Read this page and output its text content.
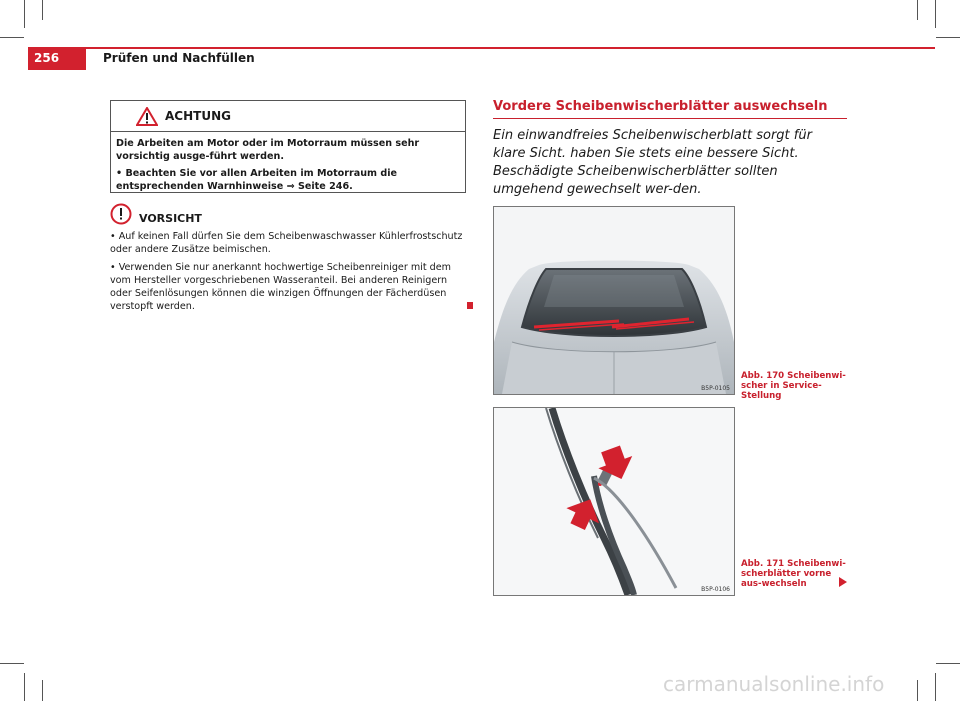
256	Prüfen und Nachfüllen
ACHTUNG

Die Arbeiten am Motor oder im Motorraum müssen sehr vorsichtig ausge-führt werden.

• Beachten Sie vor allen Arbeiten im Motorraum die entsprechenden Warnhinweise ⇒ Seite 246.

VORSICHT

• Auf keinen Fall dürfen Sie dem Scheibenwaschwasser Kühlerfrostschutz oder andere Zusätze beimischen.

• Verwenden Sie nur anerkannt hochwertige Scheibenreiniger mit dem vom Hersteller vorgeschriebenen Wasseranteil. Bei anderen Reinigern oder Seifenlösungen können die winzigen Öffnungen der Fächerdüsen verstopft werden.

Vordere Scheibenwischerblätter auswechseln
Ein einwandfreies Scheibenwischerblatt sorgt für klare Sicht. haben Sie stets eine bessere Sicht. Beschädigte Scheibenwischerblätter sollten umgehend gewechselt wer-den.
B5P-0105
Abb. 170 Scheibenwi-scher in Service-Stellung
B5P-0106
Abb. 171 Scheibenwi-scherblätter vorne aus-wechseln
carmanualsonline.info
